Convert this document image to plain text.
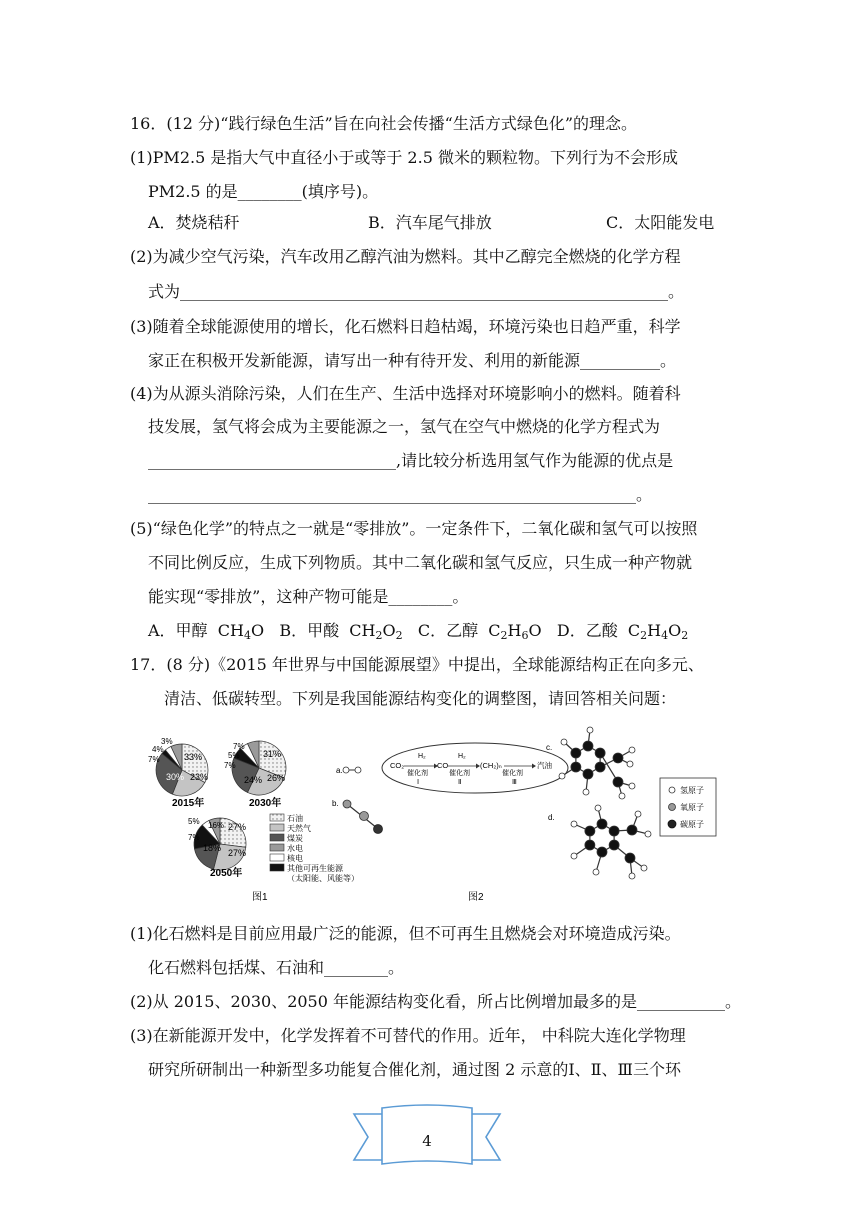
16．(12 分)“践行绿色生活”旨在向社会传播“生活方式绿色化”的理念。
(1)PM2.5 是指大气中直径小于或等于 2.5 微米的颗粒物。下列行为不会形成
PM2.5 的是________(填序号)。
A．焚烧秸秆	B．汽车尾气排放	C．太阳能发电
(2)为减少空气污染，汽车改用乙醇汽油为燃料。其中乙醇完全燃烧的化学方程
式为_____________________________________________________________。
(3)随着全球能源使用的增长，化石燃料日趋枯竭，环境污染也日趋严重，科学
家正在积极开发新能源，请写出一种有待开发、利用的新能源__________。
(4)为从源头消除污染，人们在生产、生活中选择对环境影响小的燃料。随着科
技发展，氢气将会成为主要能源之一，氢气在空气中燃烧的化学方程式为
_______________________________,请比较分析选用氢气作为能源的优点是
_____________________________________________________________。
(5)“绿色化学”的特点之一就是“零排放”。一定条件下，二氧化碳和氢气可以按照
不同比例反应，生成下列物质。其中二氧化碳和氢气反应，只生成一种产物就
能实现“零排放”，这种产物可能是________。
A．甲醇 $CH_4O$ B．甲酸 $CH_2O_2$ C．乙醇 $C_2H_6O$ D．乙酸 $C_2H_4O_2$
17．(8 分)《2015 年世界与中国能源展望》中提出，全球能源结构正在向多元、
清洁、低碳转型。下列是我国能源结构变化的调整图，请回答相关问题：
3%
4%
7%	33%
30% 23%
2015年
7%
5%
7%
31%
24% 26%
2030年
16%
5%
7%
27%
18% 27%
2050年
石油
天然气
煤炭
水电
核电
其他可再生能源
（太阳能、风能等）
图1
a.
b.
CO₂
H₂
催化剂
Ⅰ
CO
H₂
催化剂
Ⅱ
(CH₂)ₙ
催化剂
Ⅲ
汽油
c.
d.
氢原子
氧原子
碳原子
图2
(1)化石燃料是目前应用最广泛的能源，但不可再生且燃烧会对环境造成污染。
化石燃料包括煤、石油和________。
(2)从 2015、2030、2050 年能源结构变化看，所占比例增加最多的是___________。
(3)在新能源开发中，化学发挥着不可替代的作用。近年， 中科院大连化学物理
研究所研制出一种新型多功能复合催化剂，通过图 2 示意的Ⅰ、Ⅱ、Ⅲ三个环
4
